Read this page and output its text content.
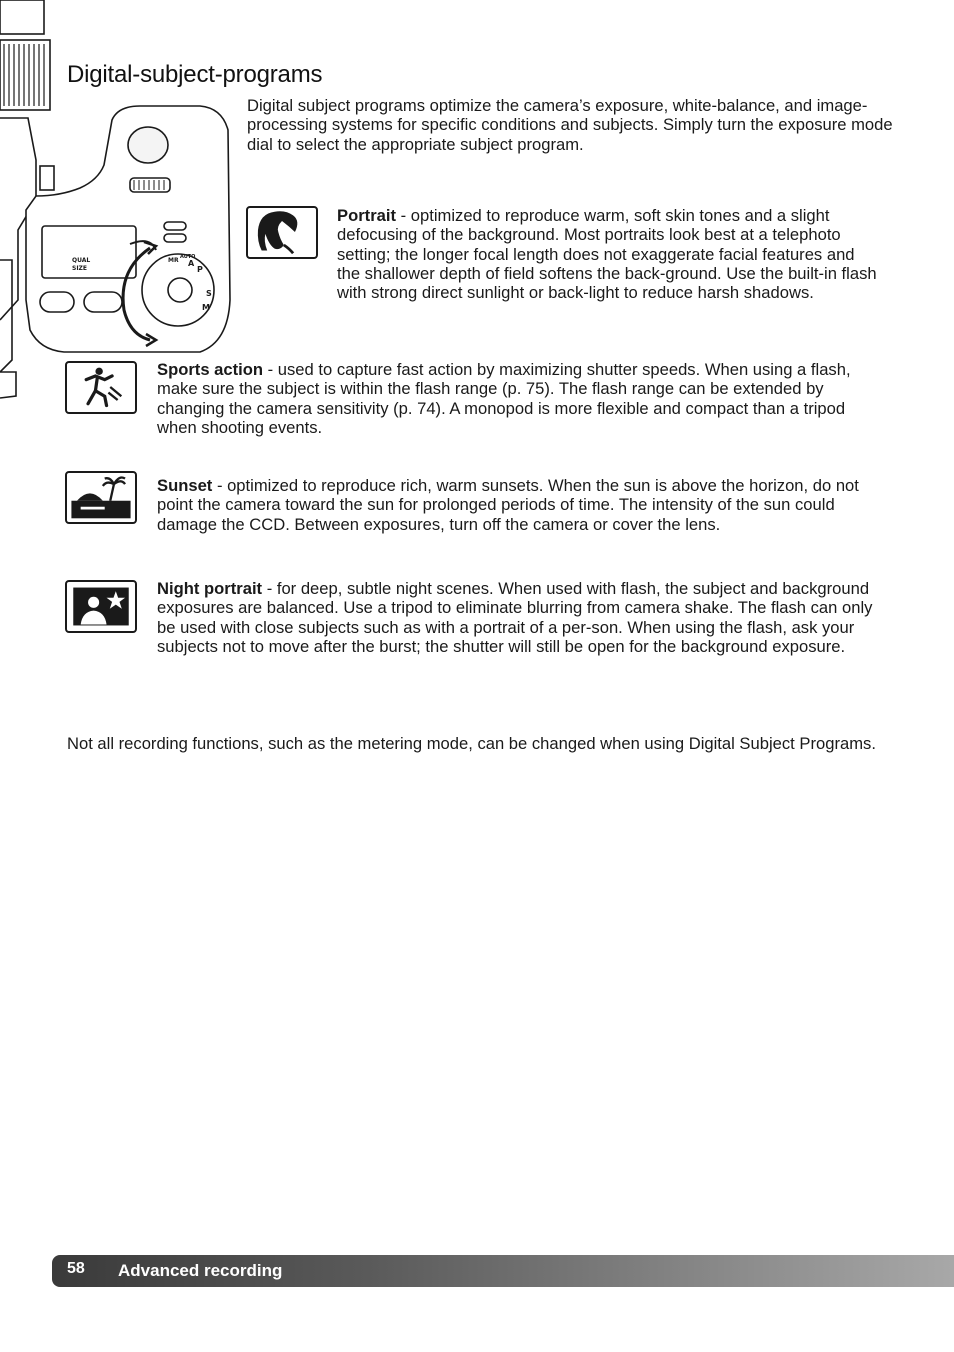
QUAL
SIZE	P
A
S
M
MR AUTO
Digital-subject-programs

Digital subject programs optimize the camera’s exposure, white-balance, and image-processing systems for specific conditions and subjects. Simply turn the exposure mode dial to select the appropriate subject program.

Portrait - optimized to reproduce warm, soft skin tones and a slight defocusing of the background. Most portraits look best at a telephoto setting; the longer focal length does not exaggerate facial features and the shallower depth of field softens the back-ground. Use the built-in flash with strong direct sunlight or back-light to reduce harsh shadows.

Sports action - used to capture fast action by maximizing shutter speeds. When using a flash, make sure the subject is within the flash range (p. 75). The flash range can be extended by changing the camera sensitivity (p. 74). A monopod is more flexible and compact than a tripod when shooting events.

Sunset - optimized to reproduce rich, warm sunsets. When the sun is above the horizon, do not point the camera toward the sun for prolonged periods of time. The intensity of the sun could damage the CCD. Between exposures, turn off the camera or cover the lens.

Night portrait - for deep, subtle night scenes. When used with flash, the subject and background exposures are balanced. Use a tripod to eliminate blurring from camera shake. The flash can only be used with close subjects such as with a portrait of a per-son. When using the flash, ask your subjects not to move after the burst; the shutter will still be open for the background exposure.

Not all recording functions, such as the metering mode, can be changed when using Digital Subject Programs.

58 Advanced recording
